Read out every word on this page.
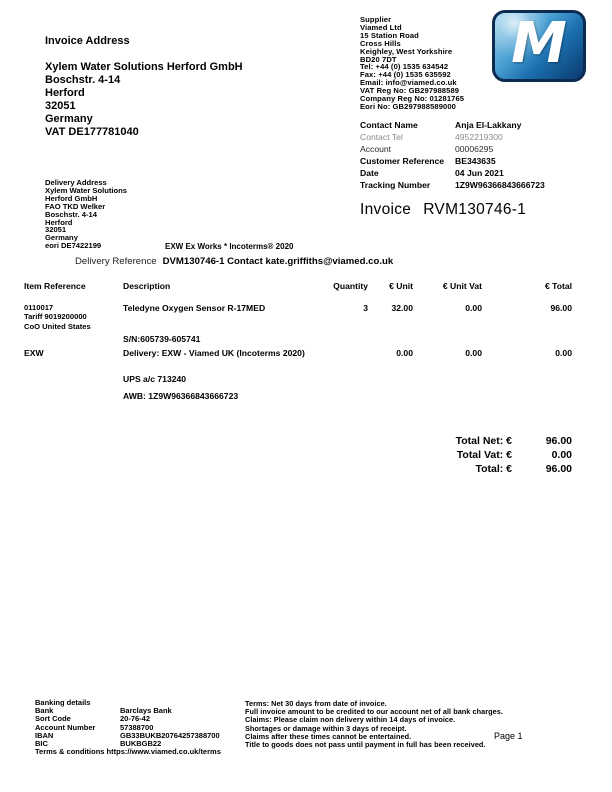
Invoice Address
Xylem Water Solutions Herford GmbH
Boschstr. 4-14
Herford
32051
Germany
VAT DE177781040
Supplier
Viamed Ltd
15 Station Road
Cross Hills
Keighley, West Yorkshire
BD20 7DT
Tel: +44 (0) 1535 634542
Fax: +44 (0) 1535 635592
Email: info@viamed.co.uk
VAT Reg No: GB297988589
Company Reg No: 01281765
Eori No: GB297988589000
M
Contact Name	Anja El-Lakkany
Contact Tel	4952219300
Account	00006295
Customer Reference	BE343635
Date	04 Jun 2021
Tracking Number	1Z9W96366843666723
Delivery Address
Xylem Water Solutions
Herford GmbH
FAO TKD Welker
Boschstr. 4-14
Herford
32051
Germany
eori DE7422199
Invoice RVM130746-1
EXW Ex Works * Incoterms® 2020
Delivery Reference DVM130746-1 Contact kate.griffiths@viamed.co.uk
Item Reference	Description	Quantity	€ Unit	€ Unit Vat	€ Total
0110017
Tariff 9019200000
CoO United States
Teledyne Oxygen Sensor R-17MED	3	32.00	0.00	96.00
S/N:605739-605741
EXW	Delivery: EXW - Viamed UK (Incoterms 2020)	0.00	0.00	0.00
UPS a/c 713240
AWB: 1Z9W96366843666723
Total Net: €	96.00
Total Vat: €	0.00
Total: €	96.00
Banking details
Bank	Barclays Bank
Sort Code	20-76-42
Account Number	57388700
IBAN	GB33BUKB20764257388700
BIC	BUKBGB22
Terms & conditions https://www.viamed.co.uk/terms
Terms: Net 30 days from date of invoice.
Full invoice amount to be credited to our account net of all bank charges.
Claims: Please claim non delivery within 14 days of invoice.
Shortages or damage within 3 days of receipt.
Claims after these times cannot be entertained.
Title to goods does not pass until payment in full has been received.
Page 1
